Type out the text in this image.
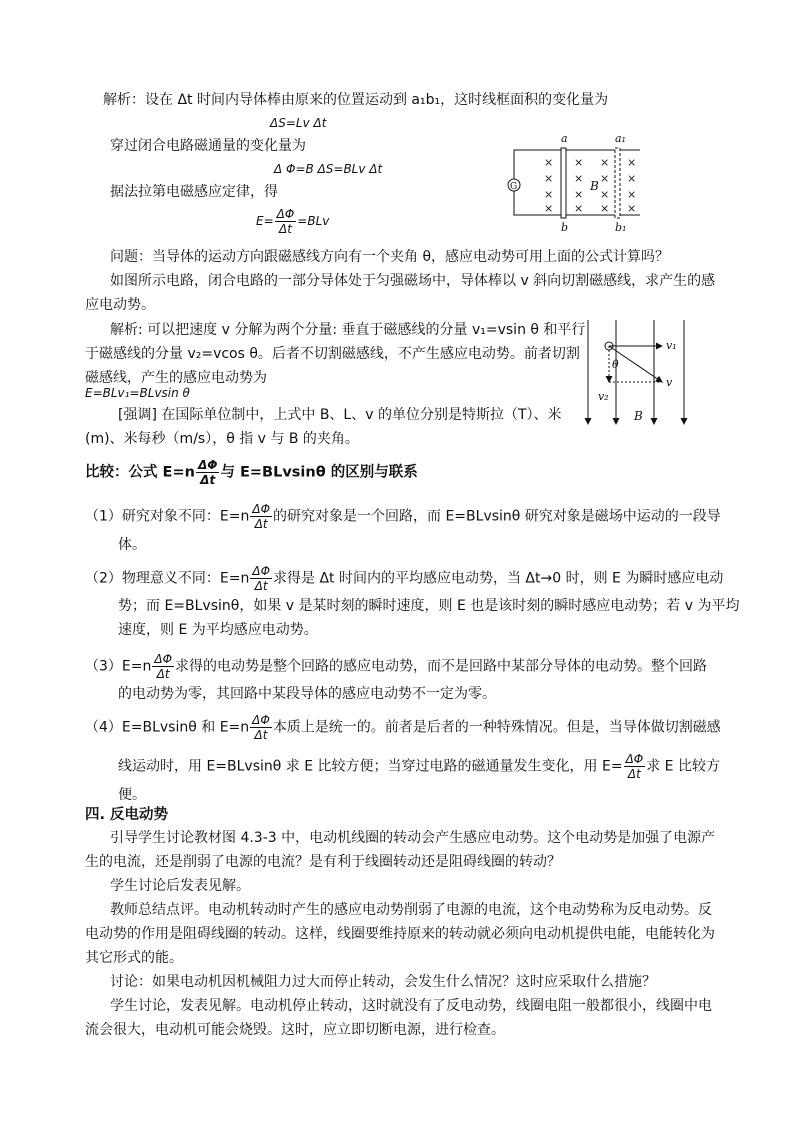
解析：设在 Δt 时间内导体棒由原来的位置运动到 a₁b₁，这时线框面积的变化量为
ΔS=Lv Δt
穿过闭合电路磁通量的变化量为
Δ Φ=B ΔS=BLv Δt
据法拉第电磁感应定律，得
$E= \frac{\Delta\Phi}{\Delta t} =BLv$
G
×
×
×
×
×
×
×
×
×
×
×
×
×
×
×
×
B
a	a₁
b	b₁
问题：当导体的运动方向跟磁感线方向有一个夹角 θ，感应电动势可用上面的公式计算吗？
如图所示电路，闭合电路的一部分导体处于匀强磁场中，导体棒以 v 斜向切割磁感线，求产生的感
应电动势。
解析: 可以把速度 v 分解为两个分量: 垂直于磁感线的分量 v₁=vsin θ 和平行
于磁感线的分量 v₂=vcos θ。后者不切割磁感线，不产生感应电动势。前者切割
磁感线，产生的感应电动势为
E=BLv₁=BLvsin θ
[强调] 在国际单位制中，上式中 B、L、v 的单位分别是特斯拉（T）、米
(m)、米每秒（m/s），θ 指 v 与 B 的夹角。
v₁
v
v₂
θ
B
比较：公式 $E=n \frac{\Delta\Phi}{\Delta t}$ 与 E=BLvsinθ 的区别与联系
（1）研究对象不同：$E=n \frac{\Delta\Phi}{\Delta t}$ 的研究对象是一个回路，而 E=BLvsinθ 研究对象是磁场中运动的一段导
体。
（2）物理意义不同：$E=n \frac{\Delta\Phi}{\Delta t}$ 求得是 Δt 时间内的平均感应电动势，当 Δt→0 时，则 E 为瞬时感应电动
势；而 E=BLvsinθ，如果 v 是某时刻的瞬时速度，则 E 也是该时刻的瞬时感应电动势；若 v 为平均
速度，则 E 为平均感应电动势。
$(3)E=n \frac{\Delta\Phi}{\Delta t}$ 求得的电动势是整个回路的感应电动势，而不是回路中某部分导体的电动势。整个回路
的电动势为零，其回路中某段导体的感应电动势不一定为零。
（4）E=BLvsinθ 和 $E=n \frac{\Delta\Phi}{\Delta t}$ 本质上是统一的。前者是后者的一种特殊情况。但是，当导体做切割磁感
线运动时，用 E=BLvsinθ 求 E 比较方便；当穿过电路的磁通量发生变化，用 $E= \frac{\Delta\Phi}{\Delta t}$ 求 E 比较方
便。
四. 反电动势
引导学生讨论教材图 4.3-3 中，电动机线圈的转动会产生感应电动势。这个电动势是加强了电源产
生的电流，还是削弱了电源的电流？是有利于线圈转动还是阻碍线圈的转动？
学生讨论后发表见解。
教师总结点评。电动机转动时产生的感应电动势削弱了电源的电流，这个电动势称为反电动势。反
电动势的作用是阻碍线圈的转动。这样，线圈要维持原来的转动就必须向电动机提供电能，电能转化为
其它形式的能。
讨论：如果电动机因机械阻力过大而停止转动，会发生什么情况？这时应采取什么措施？
学生讨论，发表见解。电动机停止转动，这时就没有了反电动势，线圈电阻一般都很小，线圈中电
流会很大，电动机可能会烧毁。这时，应立即切断电源，进行检查。
